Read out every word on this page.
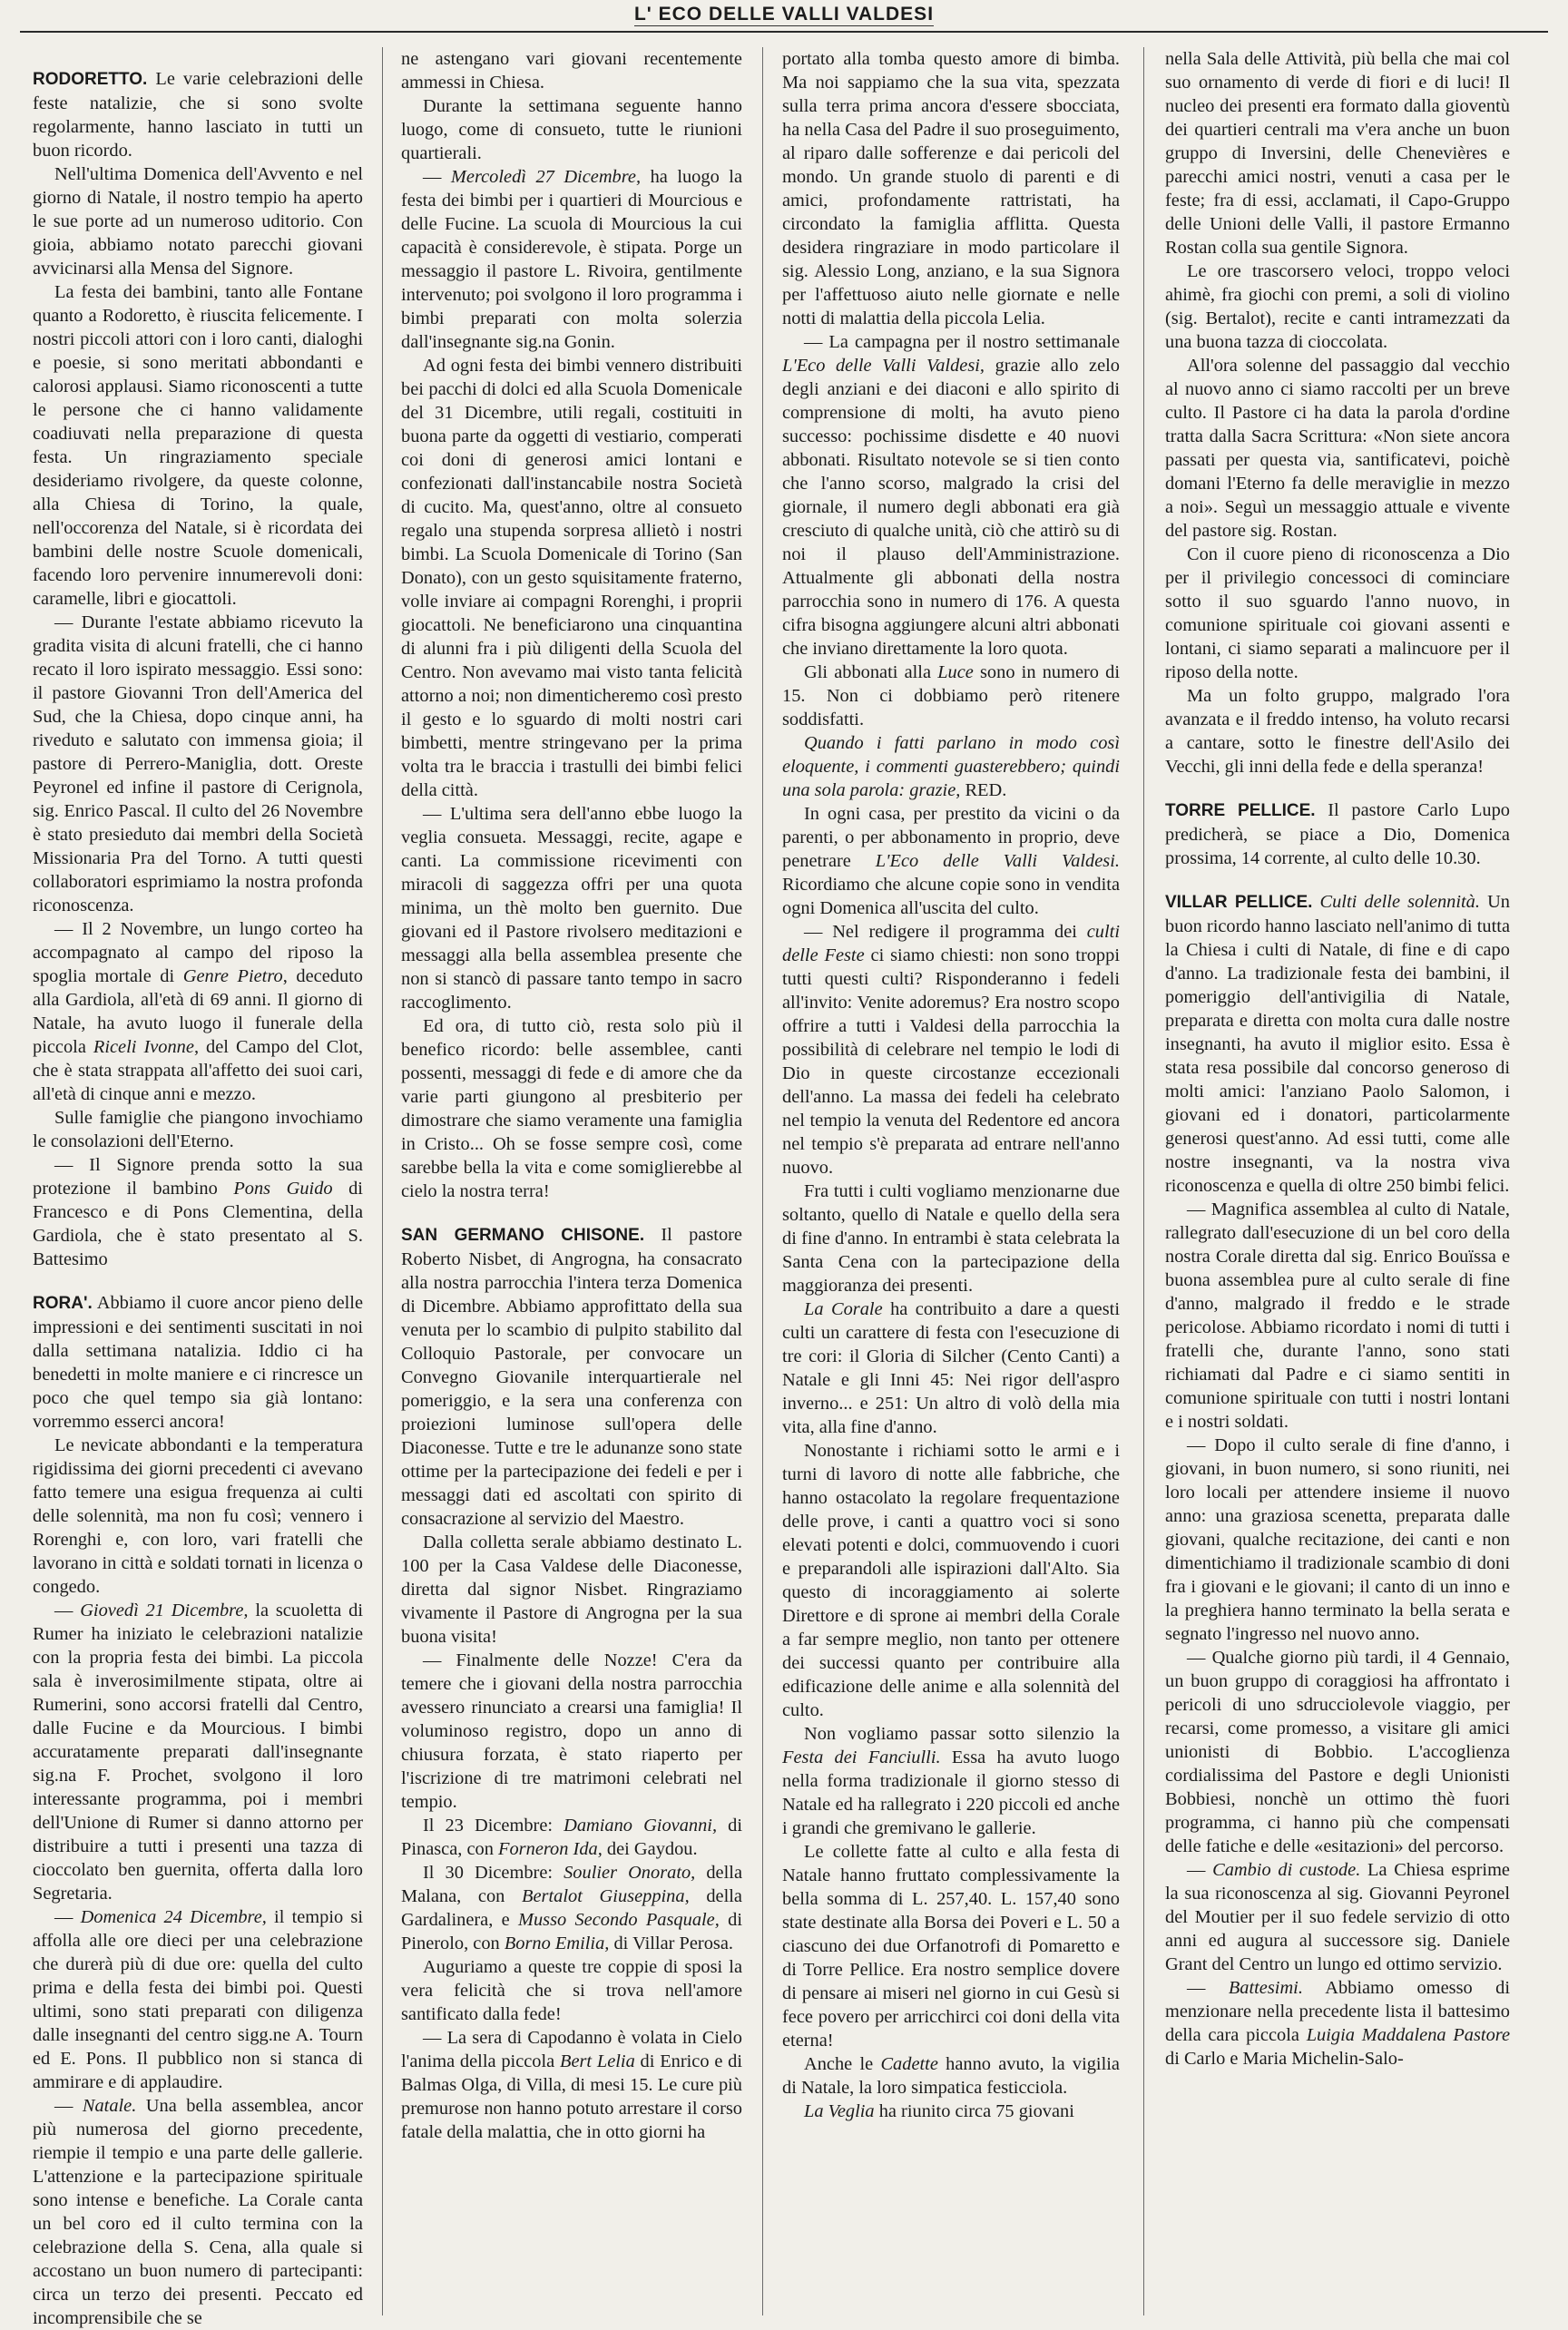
L' ECO DELLE VALLI VALDESI

RODORETTO. Le varie celebrazioni delle feste natalizie, che si sono svolte regolarmente, hanno lasciato in tutti un buon ricordo.

Nell'ultima Domenica dell'Avvento e nel giorno di Natale, il nostro tempio ha aperto le sue porte ad un numeroso uditorio. Con gioia, abbiamo notato parecchi giovani avvicinarsi alla Mensa del Signore.

La festa dei bambini, tanto alle Fontane quanto a Rodoretto, è riuscita felicemente. I nostri piccoli attori con i loro canti, dialoghi e poesie, si sono meritati abbondanti e calorosi applausi. Siamo riconoscenti a tutte le persone che ci hanno validamente coadiuvati nella preparazione di questa festa. Un ringraziamento speciale desideriamo rivolgere, da queste colonne, alla Chiesa di Torino, la quale, nell'occorenza del Natale, si è ricordata dei bambini delle nostre Scuole domenicali, facendo loro pervenire innumerevoli doni: caramelle, libri e giocattoli.

— Durante l'estate abbiamo ricevuto la gradita visita di alcuni fratelli, che ci hanno recato il loro ispirato messaggio. Essi sono: il pastore Giovanni Tron dell'America del Sud, che la Chiesa, dopo cinque anni, ha riveduto e salutato con immensa gioia; il pastore di Perrero-Maniglia, dott. Oreste Peyronel ed infine il pastore di Cerignola, sig. Enrico Pascal. Il culto del 26 Novembre è stato presieduto dai membri della Società Missionaria Pra del Torno. A tutti questi collaboratori esprimiamo la nostra profonda riconoscenza.

— Il 2 Novembre, un lungo corteo ha accompagnato al campo del riposo la spoglia mortale di Genre Pietro, deceduto alla Gardiola, all'età di 69 anni. Il giorno di Natale, ha avuto luogo il funerale della piccola Riceli Ivonne, del Campo del Clot, che è stata strappata all'affetto dei suoi cari, all'età di cinque anni e mezzo.

Sulle famiglie che piangono invochiamo le consolazioni dell'Eterno.

— Il Signore prenda sotto la sua protezione il bambino Pons Guido di Francesco e di Pons Clementina, della Gardiola, che è stato presentato al S. Battesimo

RORA'. Abbiamo il cuore ancor pieno delle impressioni e dei sentimenti suscitati in noi dalla settimana natalizia. Iddio ci ha benedetti in molte maniere e ci rincresce un poco che quel tempo sia già lontano: vorremmo esserci ancora!

Le nevicate abbondanti e la temperatura rigidissima dei giorni precedenti ci avevano fatto temere una esigua frequenza ai culti delle solennità, ma non fu così; vennero i Rorenghi e, con loro, vari fratelli che lavorano in città e soldati tornati in licenza o congedo.

— Giovedì 21 Dicembre, la scuoletta di Rumer ha iniziato le celebrazioni natalizie con la propria festa dei bimbi. La piccola sala è inverosimilmente stipata, oltre ai Rumerini, sono accorsi fratelli dal Centro, dalle Fucine e da Mourcious. I bimbi accuratamente preparati dall'insegnante sig.na F. Prochet, svolgono il loro interessante programma, poi i membri dell'Unione di Rumer si danno attorno per distribuire a tutti i presenti una tazza di cioccolato ben guernita, offerta dalla loro Segretaria.

— Domenica 24 Dicembre, il tempio si affolla alle ore dieci per una celebrazione che durerà più di due ore: quella del culto prima e della festa dei bimbi poi. Questi ultimi, sono stati preparati con diligenza dalle insegnanti del centro sigg.ne A. Tourn ed E. Pons. Il pubblico non si stanca di ammirare e di applaudire.

— Natale. Una bella assemblea, ancor più numerosa del giorno precedente, riempie il tempio e una parte delle gallerie. L'attenzione e la partecipazione spirituale sono intense e benefiche. La Corale canta un bel coro ed il culto termina con la celebrazione della S. Cena, alla quale si accostano un buon numero di partecipanti: circa un terzo dei presenti. Peccato ed incomprensibile che se

ne astengano vari giovani recentemente ammessi in Chiesa.

Durante la settimana seguente hanno luogo, come di consueto, tutte le riunioni quartierali.

— Mercoledì 27 Dicembre, ha luogo la festa dei bimbi per i quartieri di Mourcious e delle Fucine. La scuola di Mourcious la cui capacità è considerevole, è stipata. Porge un messaggio il pastore L. Rivoira, gentilmente intervenuto; poi svolgono il loro programma i bimbi preparati con molta solerzia dall'insegnante sig.na Gonin.

Ad ogni festa dei bimbi vennero distribuiti bei pacchi di dolci ed alla Scuola Domenicale del 31 Dicembre, utili regali, costituiti in buona parte da oggetti di vestiario, comperati coi doni di generosi amici lontani e confezionati dall'instancabile nostra Società di cucito. Ma, quest'anno, oltre al consueto regalo una stupenda sorpresa allietò i nostri bimbi. La Scuola Domenicale di Torino (San Donato), con un gesto squisitamente fraterno, volle inviare ai compagni Rorenghi, i proprii giocattoli. Ne beneficiarono una cinquantina di alunni fra i più diligenti della Scuola del Centro. Non avevamo mai visto tanta felicità attorno a noi; non dimenticheremo così presto il gesto e lo sguardo di molti nostri cari bimbetti, mentre stringevano per la prima volta tra le braccia i trastulli dei bimbi felici della città.

— L'ultima sera dell'anno ebbe luogo la veglia consueta. Messaggi, recite, agape e canti. La commissione ricevimenti con miracoli di saggezza offri per una quota minima, un thè molto ben guernito. Due giovani ed il Pastore rivolsero meditazioni e messaggi alla bella assemblea presente che non si stancò di passare tanto tempo in sacro raccoglimento.

Ed ora, di tutto ciò, resta solo più il benefico ricordo: belle assemblee, canti possenti, messaggi di fede e di amore che da varie parti giungono al presbiterio per dimostrare che siamo veramente una famiglia in Cristo... Oh se fosse sempre così, come sarebbe bella la vita e come somiglierebbe al cielo la nostra terra!

SAN GERMANO CHISONE. Il pastore Roberto Nisbet, di Angrogna, ha consacrato alla nostra parrocchia l'intera terza Domenica di Dicembre. Abbiamo approfittato della sua venuta per lo scambio di pulpito stabilito dal Colloquio Pastorale, per convocare un Convegno Giovanile interquartierale nel pomeriggio, e la sera una conferenza con proiezioni luminose sull'opera delle Diaconesse. Tutte e tre le adunanze sono state ottime per la partecipazione dei fedeli e per i messaggi dati ed ascoltati con spirito di consacrazione al servizio del Maestro.

Dalla colletta serale abbiamo destinato L. 100 per la Casa Valdese delle Diaconesse, diretta dal signor Nisbet. Ringraziamo vivamente il Pastore di Angrogna per la sua buona visita!

— Finalmente delle Nozze! C'era da temere che i giovani della nostra parrocchia avessero rinunciato a crearsi una famiglia! Il voluminoso registro, dopo un anno di chiusura forzata, è stato riaperto per l'iscrizione di tre matrimoni celebrati nel tempio.

Il 23 Dicembre: Damiano Giovanni, di Pinasca, con Forneron Ida, dei Gaydou.

Il 30 Dicembre: Soulier Onorato, della Malana, con Bertalot Giuseppina, della Gardalinera, e Musso Secondo Pasquale, di Pinerolo, con Borno Emilia, di Villar Perosa.

Auguriamo a queste tre coppie di sposi la vera felicità che si trova nell'amore santificato dalla fede!

— La sera di Capodanno è volata in Cielo l'anima della piccola Bert Lelia di Enrico e di Balmas Olga, di Villa, di mesi 15. Le cure più premurose non hanno potuto arrestare il corso fatale della malattia, che in otto giorni ha

portato alla tomba questo amore di bimba. Ma noi sappiamo che la sua vita, spezzata sulla terra prima ancora d'essere sbocciata, ha nella Casa del Padre il suo proseguimento, al riparo dalle sofferenze e dai pericoli del mondo. Un grande stuolo di parenti e di amici, profondamente rattristati, ha circondato la famiglia afflitta. Questa desidera ringraziare in modo particolare il sig. Alessio Long, anziano, e la sua Signora per l'affettuoso aiuto nelle giornate e nelle notti di malattia della piccola Lelia.

— La campagna per il nostro settimanale L'Eco delle Valli Valdesi, grazie allo zelo degli anziani e dei diaconi e allo spirito di comprensione di molti, ha avuto pieno successo: pochissime disdette e 40 nuovi abbonati. Risultato notevole se si tien conto che l'anno scorso, malgrado la crisi del giornale, il numero degli abbonati era già cresciuto di qualche unità, ciò che attirò su di noi il plauso dell'Amministrazione. Attualmente gli abbonati della nostra parrocchia sono in numero di 176. A questa cifra bisogna aggiungere alcuni altri abbonati che inviano direttamente la loro quota.

Gli abbonati alla Luce sono in numero di 15. Non ci dobbiamo però ritenere soddisfatti.

Quando i fatti parlano in modo così eloquente, i commenti guasterebbero; quindi una sola parola: grazie, RED.

In ogni casa, per prestito da vicini o da parenti, o per abbonamento in proprio, deve penetrare L'Eco delle Valli Valdesi. Ricordiamo che alcune copie sono in vendita ogni Domenica all'uscita del culto.

— Nel redigere il programma dei culti delle Feste ci siamo chiesti: non sono troppi tutti questi culti? Risponderanno i fedeli all'invito: Venite adoremus? Era nostro scopo offrire a tutti i Valdesi della parrocchia la possibilità di celebrare nel tempio le lodi di Dio in queste circostanze eccezionali dell'anno. La massa dei fedeli ha celebrato nel tempio la venuta del Redentore ed ancora nel tempio s'è preparata ad entrare nell'anno nuovo.

Fra tutti i culti vogliamo menzionarne due soltanto, quello di Natale e quello della sera di fine d'anno. In entrambi è stata celebrata la Santa Cena con la partecipazione della maggioranza dei presenti.

La Corale ha contribuito a dare a questi culti un carattere di festa con l'esecuzione di tre cori: il Gloria di Silcher (Cento Canti) a Natale e gli Inni 45: Nei rigor dell'aspro inverno... e 251: Un altro di volò della mia vita, alla fine d'anno.

Nonostante i richiami sotto le armi e i turni di lavoro di notte alle fabbriche, che hanno ostacolato la regolare frequentazione delle prove, i canti a quattro voci si sono elevati potenti e dolci, commuovendo i cuori e preparandoli alle ispirazioni dall'Alto. Sia questo di incoraggiamento ai solerte Direttore e di sprone ai membri della Corale a far sempre meglio, non tanto per ottenere dei successi quanto per contribuire alla edificazione delle anime e alla solennità del culto.

Non vogliamo passar sotto silenzio la Festa dei Fanciulli. Essa ha avuto luogo nella forma tradizionale il giorno stesso di Natale ed ha rallegrato i 220 piccoli ed anche i grandi che gremivano le gallerie.

Le collette fatte al culto e alla festa di Natale hanno fruttato complessivamente la bella somma di L. 257,40. L. 157,40 sono state destinate alla Borsa dei Poveri e L. 50 a ciascuno dei due Orfanotrofi di Pomaretto e di Torre Pellice. Era nostro semplice dovere di pensare ai miseri nel giorno in cui Gesù si fece povero per arricchirci coi doni della vita eterna!

Anche le Cadette hanno avuto, la vigilia di Natale, la loro simpatica festicciola.

La Veglia ha riunito circa 75 giovani

nella Sala delle Attività, più bella che mai col suo ornamento di verde di fiori e di luci! Il nucleo dei presenti era formato dalla gioventù dei quartieri centrali ma v'era anche un buon gruppo di Inversini, delle Chenevières e parecchi amici nostri, venuti a casa per le feste; fra di essi, acclamati, il Capo-Gruppo delle Unioni delle Valli, il pastore Ermanno Rostan colla sua gentile Signora.

Le ore trascorsero veloci, troppo veloci ahimè, fra giochi con premi, a soli di violino (sig. Bertalot), recite e canti intramezzati da una buona tazza di cioccolata.

All'ora solenne del passaggio dal vecchio al nuovo anno ci siamo raccolti per un breve culto. Il Pastore ci ha data la parola d'ordine tratta dalla Sacra Scrittura: «Non siete ancora passati per questa via, santificatevi, poichè domani l'Eterno fa delle meraviglie in mezzo a noi». Seguì un messaggio attuale e vivente del pastore sig. Rostan.

Con il cuore pieno di riconoscenza a Dio per il privilegio concessoci di cominciare sotto il suo sguardo l'anno nuovo, in comunione spirituale coi giovani assenti e lontani, ci siamo separati a malincuore per il riposo della notte.

Ma un folto gruppo, malgrado l'ora avanzata e il freddo intenso, ha voluto recarsi a cantare, sotto le finestre dell'Asilo dei Vecchi, gli inni della fede e della speranza!

TORRE PELLICE. Il pastore Carlo Lupo predicherà, se piace a Dio, Domenica prossima, 14 corrente, al culto delle 10.30.

VILLAR PELLICE. Culti delle solennità. Un buon ricordo hanno lasciato nell'animo di tutta la Chiesa i culti di Natale, di fine e di capo d'anno. La tradizionale festa dei bambini, il pomeriggio dell'antivigilia di Natale, preparata e diretta con molta cura dalle nostre insegnanti, ha avuto il miglior esito. Essa è stata resa possibile dal concorso generoso di molti amici: l'anziano Paolo Salomon, i giovani ed i donatori, particolarmente generosi quest'anno. Ad essi tutti, come alle nostre insegnanti, va la nostra viva riconoscenza e quella di oltre 250 bimbi felici.

— Magnifica assemblea al culto di Natale, rallegrato dall'esecuzione di un bel coro della nostra Corale diretta dal sig. Enrico Bouïssa e buona assemblea pure al culto serale di fine d'anno, malgrado il freddo e le strade pericolose. Abbiamo ricordato i nomi di tutti i fratelli che, durante l'anno, sono stati richiamati dal Padre e ci siamo sentiti in comunione spirituale con tutti i nostri lontani e i nostri soldati.

— Dopo il culto serale di fine d'anno, i giovani, in buon numero, si sono riuniti, nei loro locali per attendere insieme il nuovo anno: una graziosa scenetta, preparata dalle giovani, qualche recitazione, dei canti e non dimentichiamo il tradizionale scambio di doni fra i giovani e le giovani; il canto di un inno e la preghiera hanno terminato la bella serata e segnato l'ingresso nel nuovo anno.

— Qualche giorno più tardi, il 4 Gennaio, un buon gruppo di coraggiosi ha affrontato i pericoli di uno sdrucciolevole viaggio, per recarsi, come promesso, a visitare gli amici unionisti di Bobbio. L'accoglienza cordialissima del Pastore e degli Unionisti Bobbiesi, nonchè un ottimo thè fuori programma, ci hanno più che compensati delle fatiche e delle «esitazioni» del percorso.

— Cambio di custode. La Chiesa esprime la sua riconoscenza al sig. Giovanni Peyronel del Moutier per il suo fedele servizio di otto anni ed augura al successore sig. Daniele Grant del Centro un lungo ed ottimo servizio.

— Battesimi. Abbiamo omesso di menzionare nella precedente lista il battesimo della cara piccola Luigia Maddalena Pastore di Carlo e Maria Michelin-Salo-
